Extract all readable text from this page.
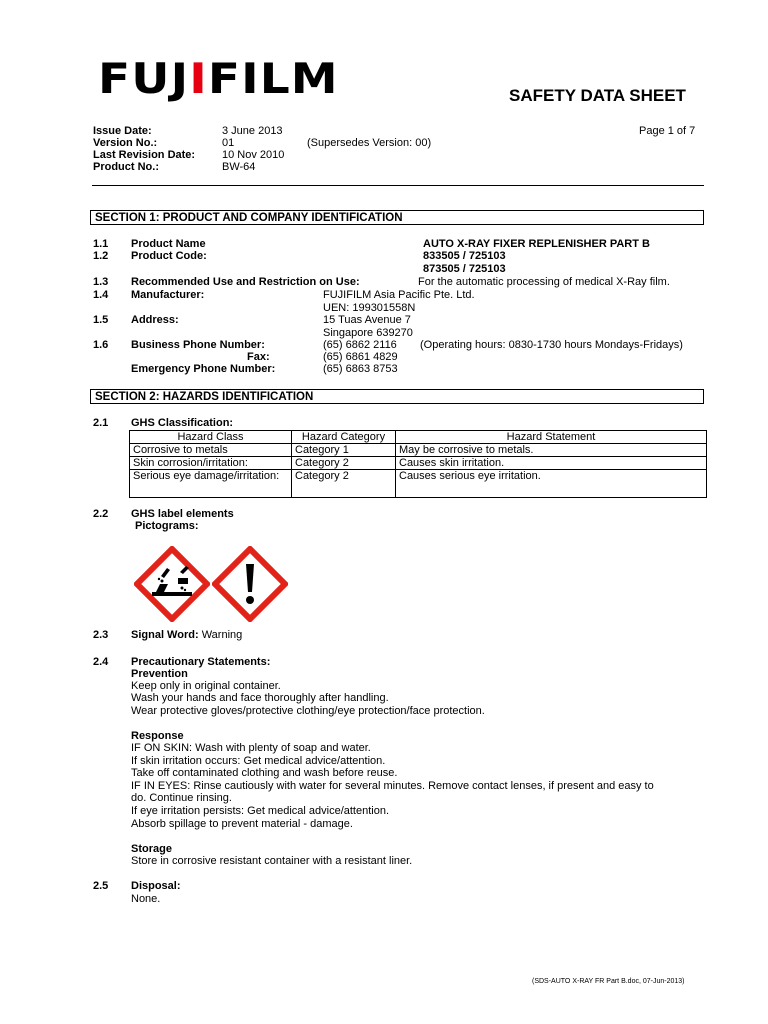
FUJIFILM	SAFETY DATA SHEET
Issue Date:	3 June 2013	Page 1 of 7
Version No.:	01	(Supersedes Version: 00)
Last Revision Date: 10 Nov 2010
Product No.:	BW-64
SECTION 1: PRODUCT AND COMPANY IDENTIFICATION
1.1 Product Name	AUTO X-RAY FIXER REPLENISHER PART B
1.2 Product Code:	833505 / 725103
873505 / 725103
1.3 Recommended Use and Restriction on Use:	For the automatic processing of medical X-Ray film.
1.4 Manufacturer:	FUJIFILM Asia Pacific Pte. Ltd.
UEN: 199301558N
1.5 Address:	15 Tuas Avenue 7
Singapore 639270
1.6 Business Phone Number:	(65) 6862 2116 (Operating hours: 0830-1730 hours Mondays-Fridays)
Fax:	(65) 6861 4829
Emergency Phone Number:	(65) 6863 8753
SECTION 2: HAZARDS IDENTIFICATION
2.1 GHS Classification:
Hazard Class	Hazard Category	Hazard Statement
Corrosive to metals	Category 1	May be corrosive to metals.
Skin corrosion/irritation:	Category 2	Causes skin irritation.
Serious eye damage/irritation:	Category 2	Causes serious eye irritation.
2.2 GHS label elements
Pictograms:
2.3 Signal Word: Warning
2.4 Precautionary Statements:
Prevention
Keep only in original container.
Wash your hands and face thoroughly after handling.
Wear protective gloves/protective clothing/eye protection/face protection.
Response
IF ON SKIN: Wash with plenty of soap and water.
If skin irritation occurs: Get medical advice/attention.
Take off contaminated clothing and wash before reuse.
IF IN EYES: Rinse cautiously with water for several minutes. Remove contact lenses, if present and easy to
do. Continue rinsing.
If eye irritation persists: Get medical advice/attention.
Absorb spillage to prevent material - damage.
Storage
Store in corrosive resistant container with a resistant liner.
2.5 Disposal:
None.
(SDS-AUTO X-RAY FR Part B.doc, 07-Jun-2013)
